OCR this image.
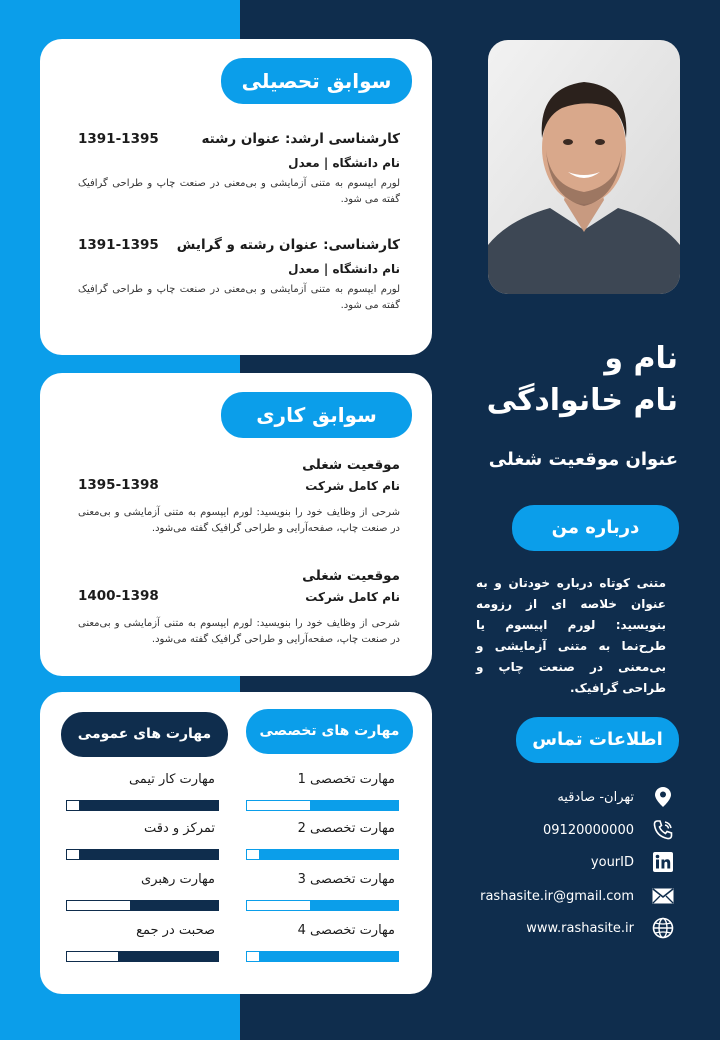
سوابق تحصیلی
کارشناسی ارشد: عنوان رشته
1391-1395
نام دانشگاه | معدل
لورم ایپسوم به متنی آزمایشی و بی‌معنی در صنعت چاپ و طراحی گرافیک گفته می شود.
کارشناسی: عنوان رشته و گرایش
1391-1395
نام دانشگاه | معدل
لورم ایپسوم به متنی آزمایشی و بی‌معنی در صنعت چاپ و طراحی گرافیک گفته می شود.
سوابق کاری
موقعیت شغلی
نام کامل شرکت
1395-1398
شرحی از وظایف خود را بنویسید: لورم ایپسوم به متنی آزمایشی و بی‌معنی در صنعت چاپ، صفحه‌آرایی و طراحی گرافیک گفته می‌شود.
موقعیت شغلی
نام کامل شرکت
1400-1398
شرحی از وظایف خود را بنویسید: لورم ایپسوم به متنی آزمایشی و بی‌معنی در صنعت چاپ، صفحه‌آرایی و طراحی گرافیک گفته می‌شود.
مهارت های تخصصی
مهارت های عمومی
مهارت تخصصی 1
مهارت تخصصی 2
مهارت تخصصی 3
مهارت تخصصی 4
مهارت کار تیمی
تمرکز و دقت
مهارت رهبری
صحبت در جمع
نام و
نام خانوادگی
عنوان موقعیت شغلی
درباره من
متنی کوتاه درباره خودتان و به عنوان خلاصه ای از رزومه بنویسید: لورم اپیسوم یا طرح‌نما به متنی آزمایشی و بی‌معنی در صنعت چاپ و طراحی گرافیک.
اطلاعات تماس
تهران- صادقیه
09120000000
yourID
rashasite.ir@gmail.com
www.rashasite.ir
